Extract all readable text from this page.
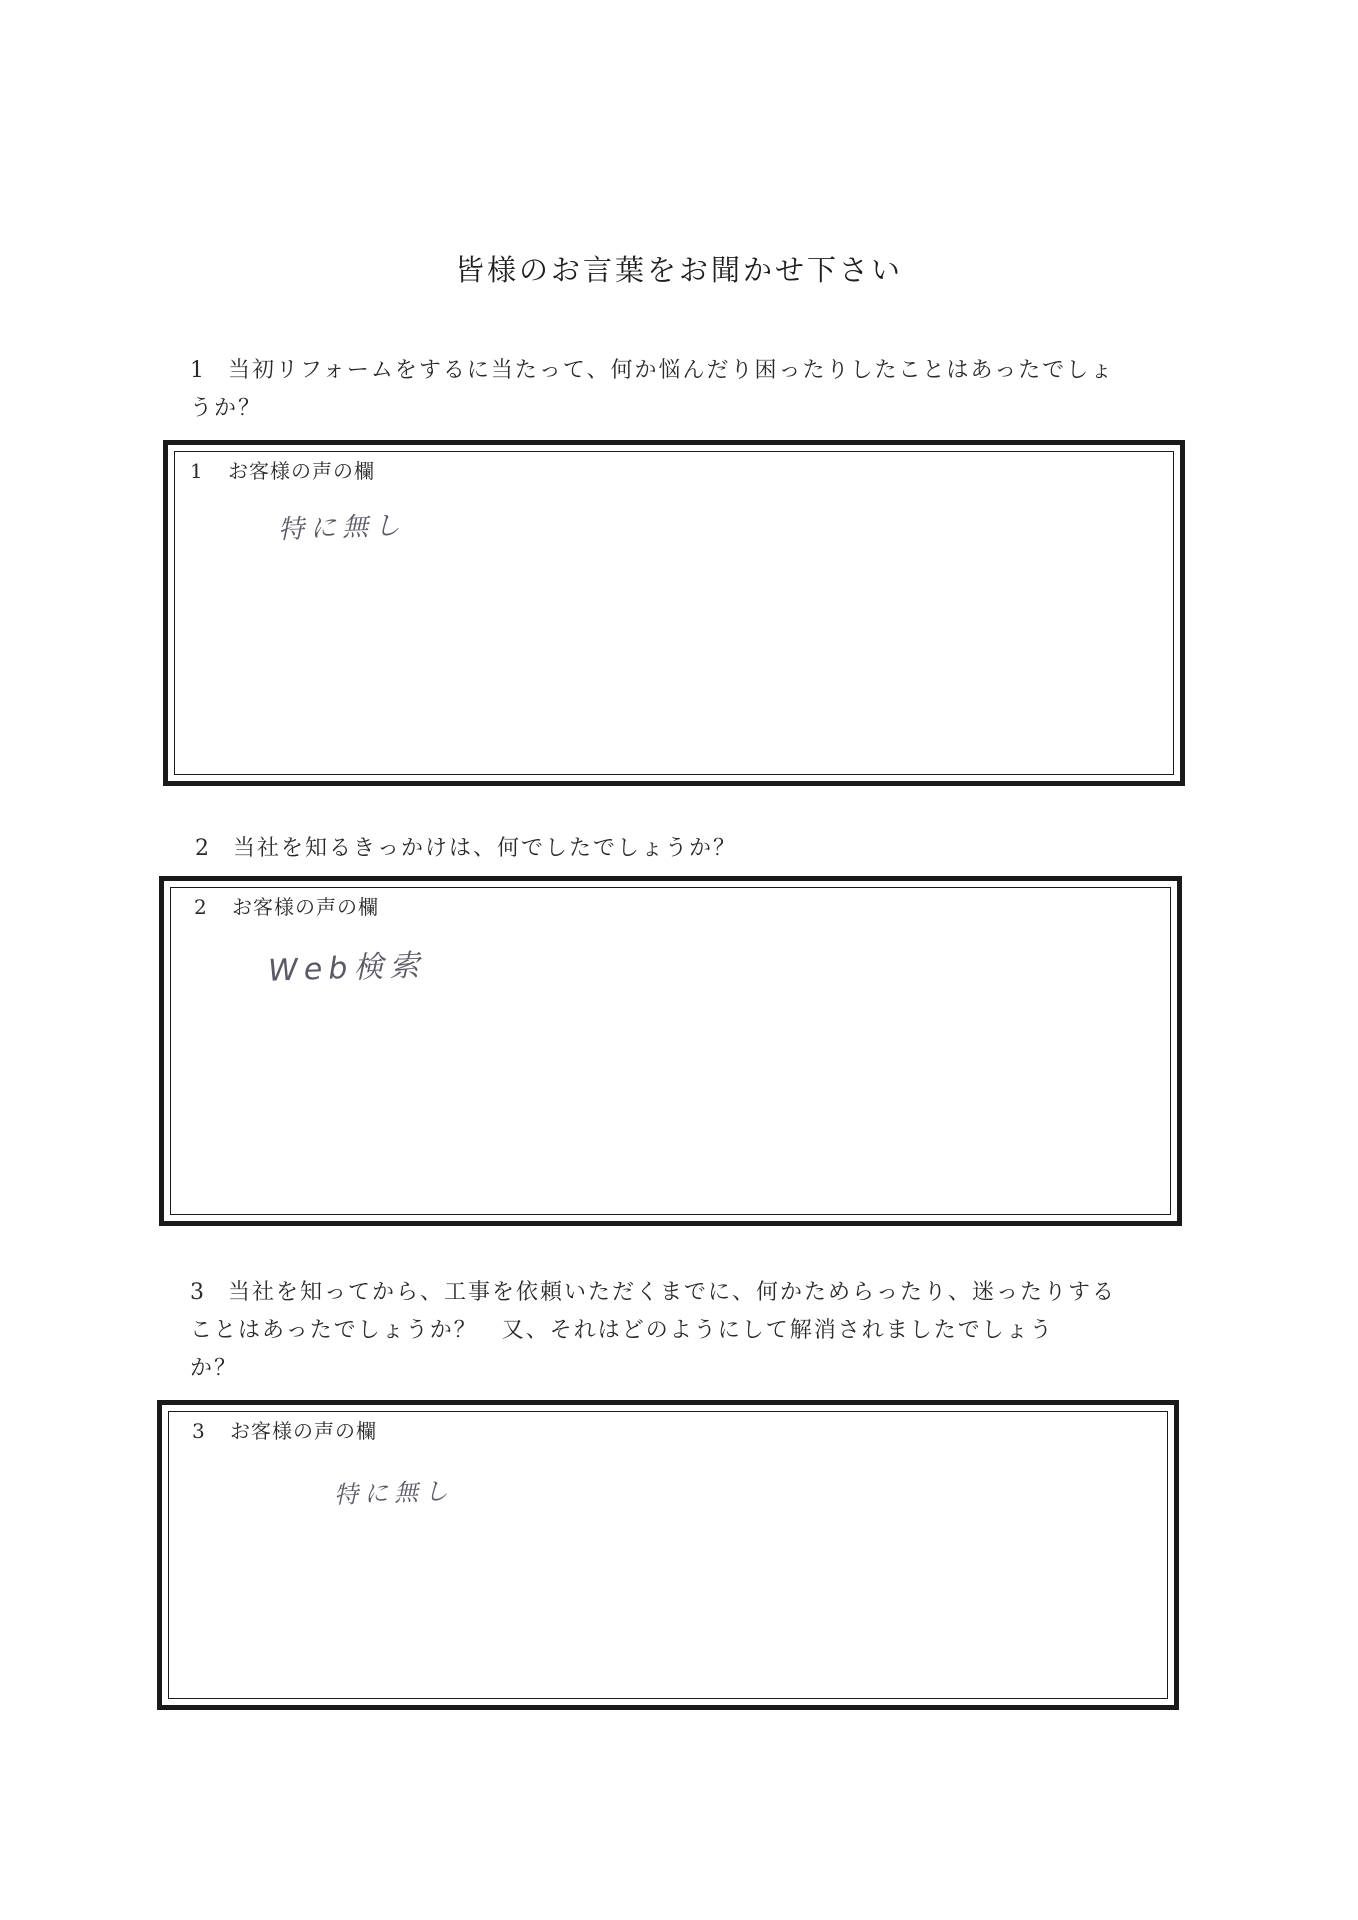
皆様のお言葉をお聞かせ下さい
1 当初リフォームをするに当たって、何か悩んだり困ったりしたことはあったでしょ
うか？
1 お客様の声の欄
特に無し
2 当社を知るきっかけは、何でしたでしょうか？
2 お客様の声の欄
Web検索
3 当社を知ってから、工事を依頼いただくまでに、何かためらったり、迷ったりする
ことはあったでしょうか？　又、それはどのようにして解消されましたでしょう
か？
3 お客様の声の欄
特に無し
